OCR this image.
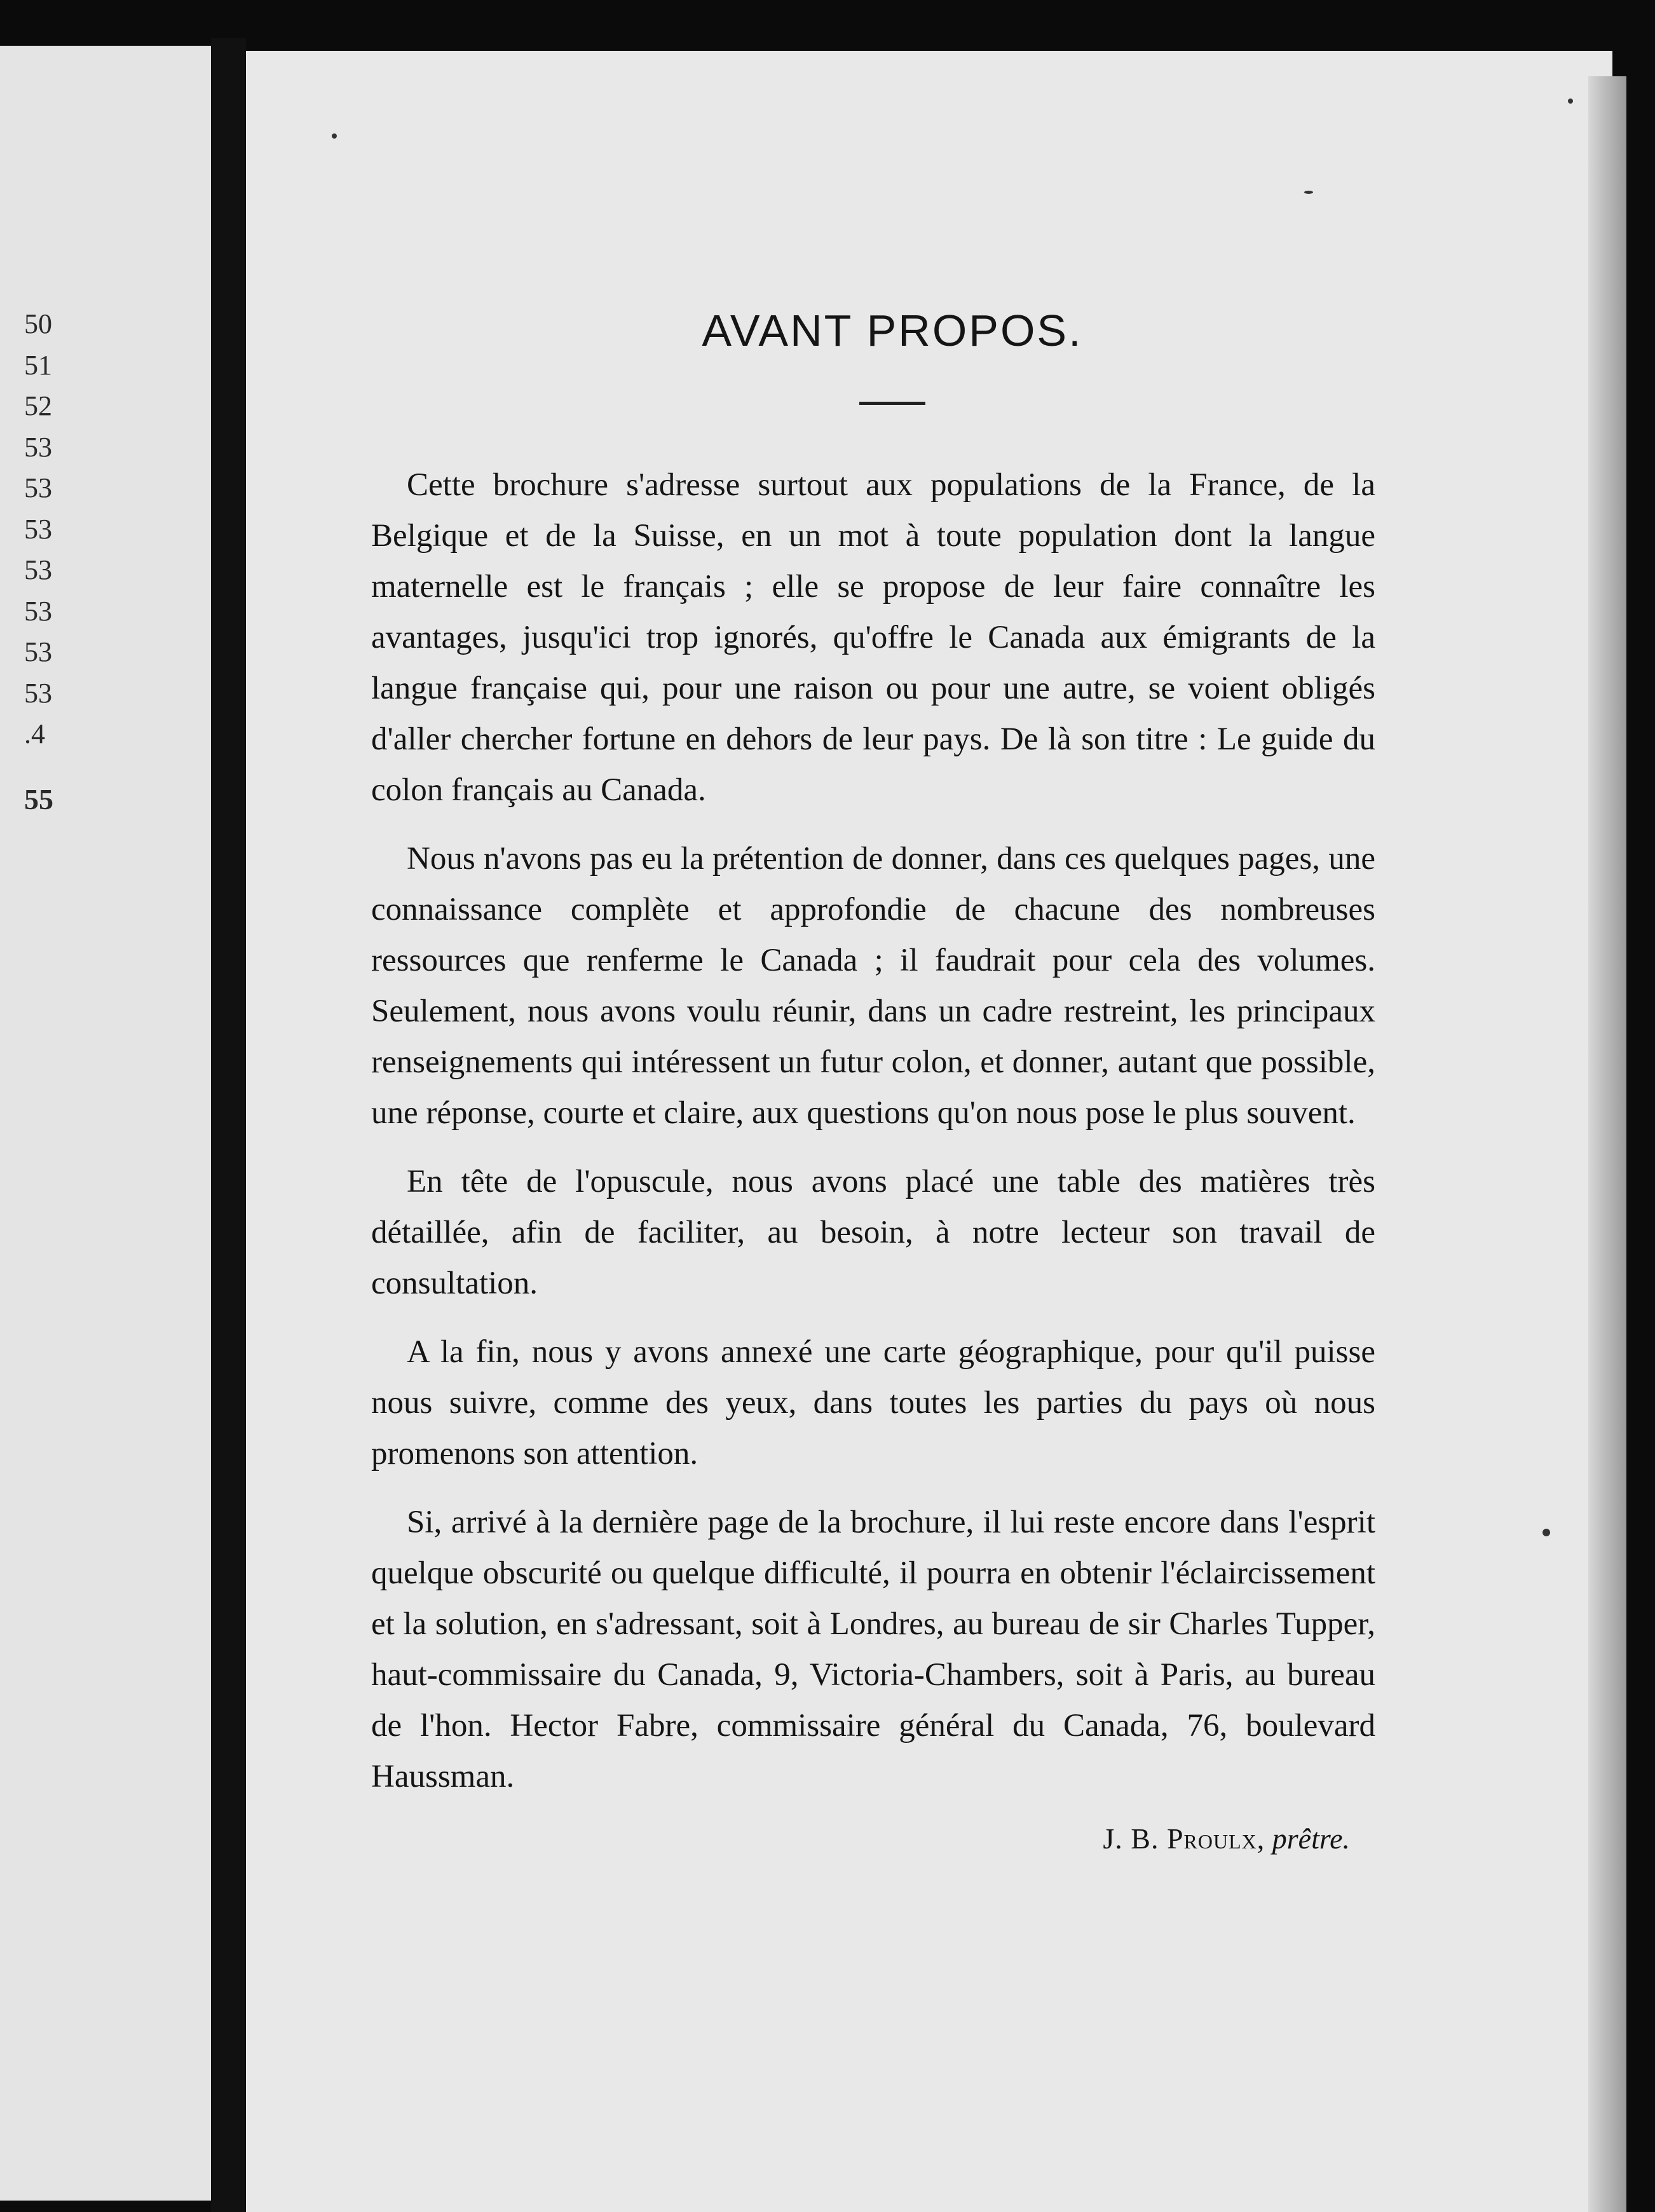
50
51
52
53
53
53
53
53
53
53
.4
55
AVANT PROPOS.

Cette brochure s'adresse surtout aux populations de la France, de la Belgique et de la Suisse, en un mot à toute population dont la langue maternelle est le français ; elle se propose de leur faire connaître les avantages, jusqu'ici trop ignorés, qu'offre le Canada aux émigrants de la langue française qui, pour une raison ou pour une autre, se voient obligés d'aller chercher fortune en dehors de leur pays. De là son titre : Le guide du colon français au Canada.

Nous n'avons pas eu la prétention de donner, dans ces quelques pages, une connaissance complète et approfondie de chacune des nombreuses ressources que renferme le Canada ; il faudrait pour cela des volumes. Seulement, nous avons voulu réunir, dans un cadre restreint, les principaux renseignements qui intéressent un futur colon, et donner, autant que possible, une réponse, courte et claire, aux questions qu'on nous pose le plus souvent.

En tête de l'opuscule, nous avons placé une table des matières très détaillée, afin de faciliter, au besoin, à notre lecteur son travail de consultation.

A la fin, nous y avons annexé une carte géographique, pour qu'il puisse nous suivre, comme des yeux, dans toutes les parties du pays où nous promenons son attention.

Si, arrivé à la dernière page de la brochure, il lui reste encore dans l'esprit quelque obscurité ou quelque difficulté, il pourra en obtenir l'éclaircissement et la solution, en s'adressant, soit à Londres, au bureau de sir Charles Tupper, haut-commissaire du Canada, 9, Victoria-Chambers, soit à Paris, au bureau de l'hon. Hector Fabre, commissaire général du Canada, 76, boulevard Haussman.

J. B. Proulx, prêtre.
